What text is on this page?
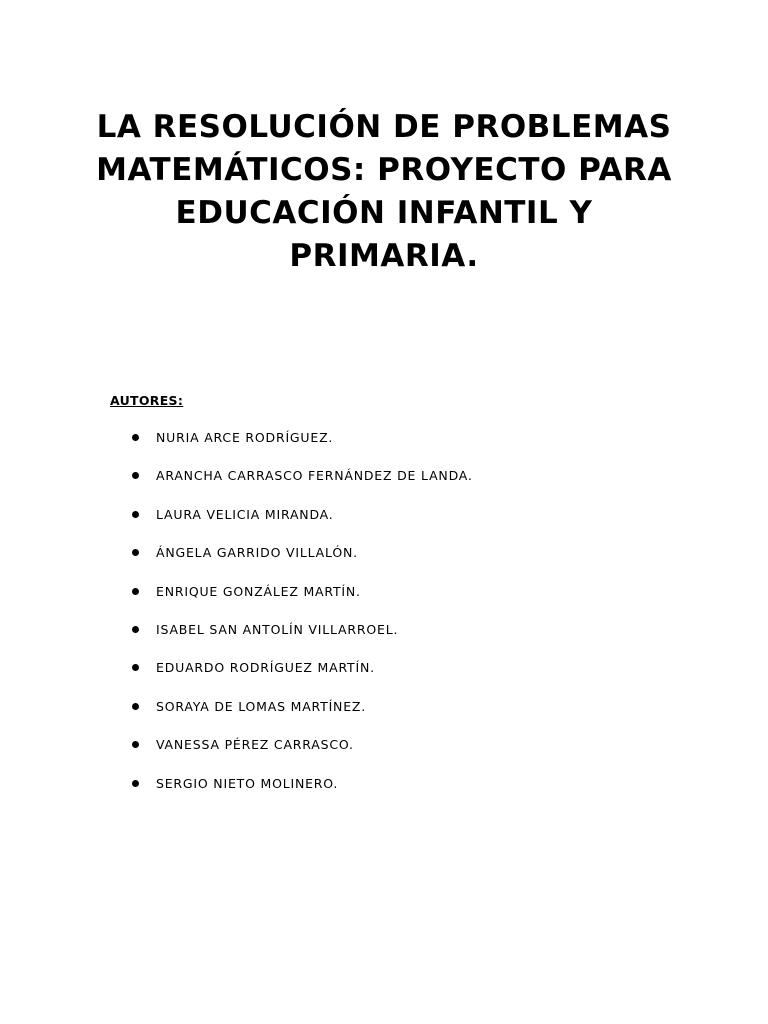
LA RESOLUCIÓN DE PROBLEMAS MATEMÁTICOS: PROYECTO PARA EDUCACIÓN INFANTIL Y PRIMARIA.

AUTORES:

NURIA ARCE RODRÍGUEZ.
ARANCHA CARRASCO FERNÁNDEZ DE LANDA.
LAURA VELICIA MIRANDA.
ÁNGELA GARRIDO VILLALÓN.
ENRIQUE GONZÁLEZ MARTÍN.
ISABEL SAN ANTOLÍN VILLARROEL.
EDUARDO RODRÍGUEZ MARTÍN.
SORAYA DE LOMAS MARTÍNEZ.
VANESSA PÉREZ CARRASCO.
SERGIO NIETO MOLINERO.
